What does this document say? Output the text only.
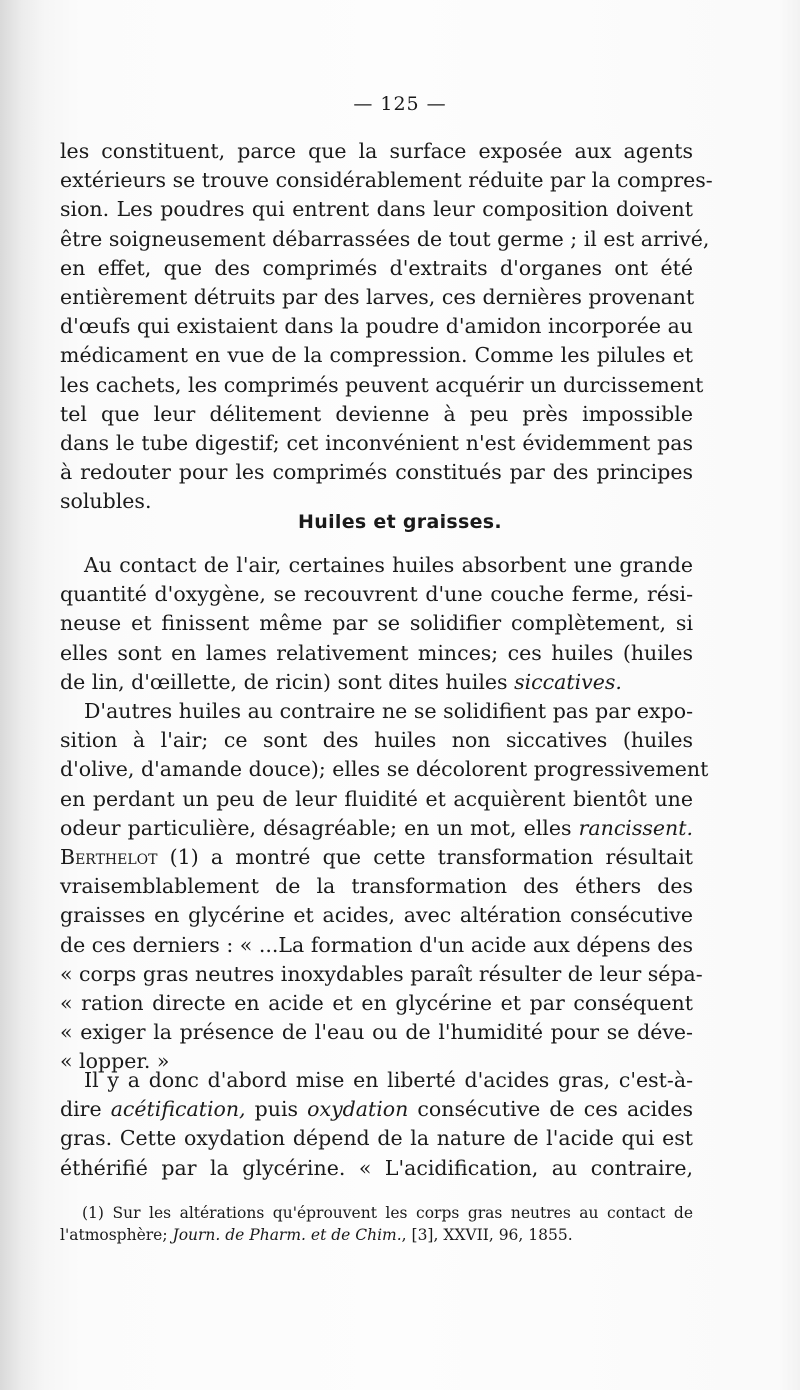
— 125 —
les constituent, parce que la surface exposée aux agents
extérieurs se trouve considérablement réduite par la compres-
sion. Les poudres qui entrent dans leur composition doivent
être soigneusement débarrassées de tout germe ; il est arrivé,
en effet, que des comprimés d'extraits d'organes ont été
entièrement détruits par des larves, ces dernières provenant
d'œufs qui existaient dans la poudre d'amidon incorporée au
médicament en vue de la compression. Comme les pilules et
les cachets, les comprimés peuvent acquérir un durcissement
tel que leur délitement devienne à peu près impossible
dans le tube digestif; cet inconvénient n'est évidemment pas
à redouter pour les comprimés constitués par des principes
solubles.
Huiles et graisses.
Au contact de l'air, certaines huiles absorbent une grande
quantité d'oxygène, se recouvrent d'une couche ferme, rési-
neuse et finissent même par se solidifier complètement, si
elles sont en lames relativement minces; ces huiles (huiles
de lin, d'œillette, de ricin) sont dites huiles siccatives.
D'autres huiles au contraire ne se solidifient pas par expo-
sition à l'air; ce sont des huiles non siccatives (huiles
d'olive, d'amande douce); elles se décolorent progressivement
en perdant un peu de leur fluidité et acquièrent bientôt une
odeur particulière, désagréable; en un mot, elles rancissent.
Berthelot (1) a montré que cette transformation résultait
vraisemblablement de la transformation des éthers des
graisses en glycérine et acides, avec altération consécutive
de ces derniers : « ...La formation d'un acide aux dépens des
« corps gras neutres inoxydables paraît résulter de leur sépa-
« ration directe en acide et en glycérine et par conséquent
« exiger la présence de l'eau ou de l'humidité pour se déve-
« lopper. »
Il y a donc d'abord mise en liberté d'acides gras, c'est-à-
dire acétification, puis oxydation consécutive de ces acides
gras. Cette oxydation dépend de la nature de l'acide qui est
éthérifié par la glycérine. « L'acidification, au contraire,
(1) Sur les altérations qu'éprouvent les corps gras neutres au contact de
l'atmosphère; Journ. de Pharm. et de Chim., [3], XXVII, 96, 1855.
